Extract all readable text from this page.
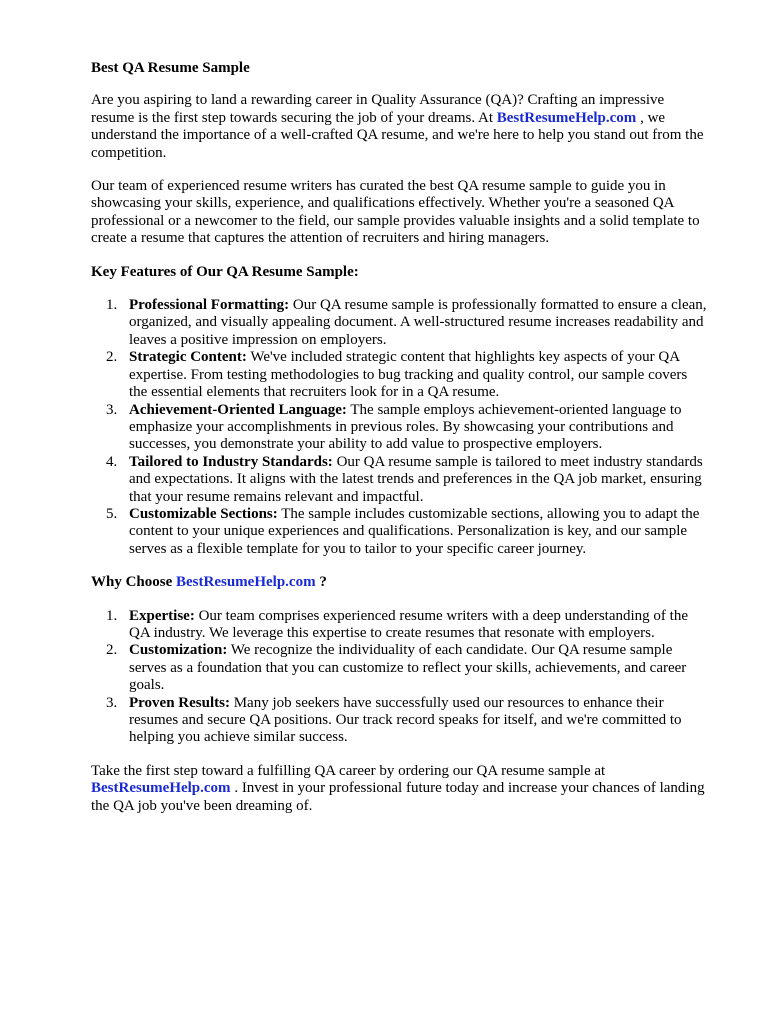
Best QA Resume Sample

Are you aspiring to land a rewarding career in Quality Assurance (QA)? Crafting an impressive resume is the first step towards securing the job of your dreams. At BestResumeHelp.com , we understand the importance of a well-crafted QA resume, and we're here to help you stand out from the competition.

Our team of experienced resume writers has curated the best QA resume sample to guide you in showcasing your skills, experience, and qualifications effectively. Whether you're a seasoned QA professional or a newcomer to the field, our sample provides valuable insights and a solid template to create a resume that captures the attention of recruiters and hiring managers.

Key Features of Our QA Resume Sample:
1. Professional Formatting: Our QA resume sample is professionally formatted to ensure a clean, organized, and visually appealing document. A well-structured resume increases readability and leaves a positive impression on employers.
2. Strategic Content: We've included strategic content that highlights key aspects of your QA expertise. From testing methodologies to bug tracking and quality control, our sample covers the essential elements that recruiters look for in a QA resume.
3. Achievement-Oriented Language: The sample employs achievement-oriented language to emphasize your accomplishments in previous roles. By showcasing your contributions and successes, you demonstrate your ability to add value to prospective employers.
4. Tailored to Industry Standards: Our QA resume sample is tailored to meet industry standards and expectations. It aligns with the latest trends and preferences in the QA job market, ensuring that your resume remains relevant and impactful.
5. Customizable Sections: The sample includes customizable sections, allowing you to adapt the content to your unique experiences and qualifications. Personalization is key, and our sample serves as a flexible template for you to tailor to your specific career journey.
Why Choose BestResumeHelp.com ?
1. Expertise: Our team comprises experienced resume writers with a deep understanding of the QA industry. We leverage this expertise to create resumes that resonate with employers.
2. Customization: We recognize the individuality of each candidate. Our QA resume sample serves as a foundation that you can customize to reflect your skills, achievements, and career goals.
3. Proven Results: Many job seekers have successfully used our resources to enhance their resumes and secure QA positions. Our track record speaks for itself, and we're committed to helping you achieve similar success.

Take the first step toward a fulfilling QA career by ordering our QA resume sample at BestResumeHelp.com . Invest in your professional future today and increase your chances of landing the QA job you've been dreaming of.
